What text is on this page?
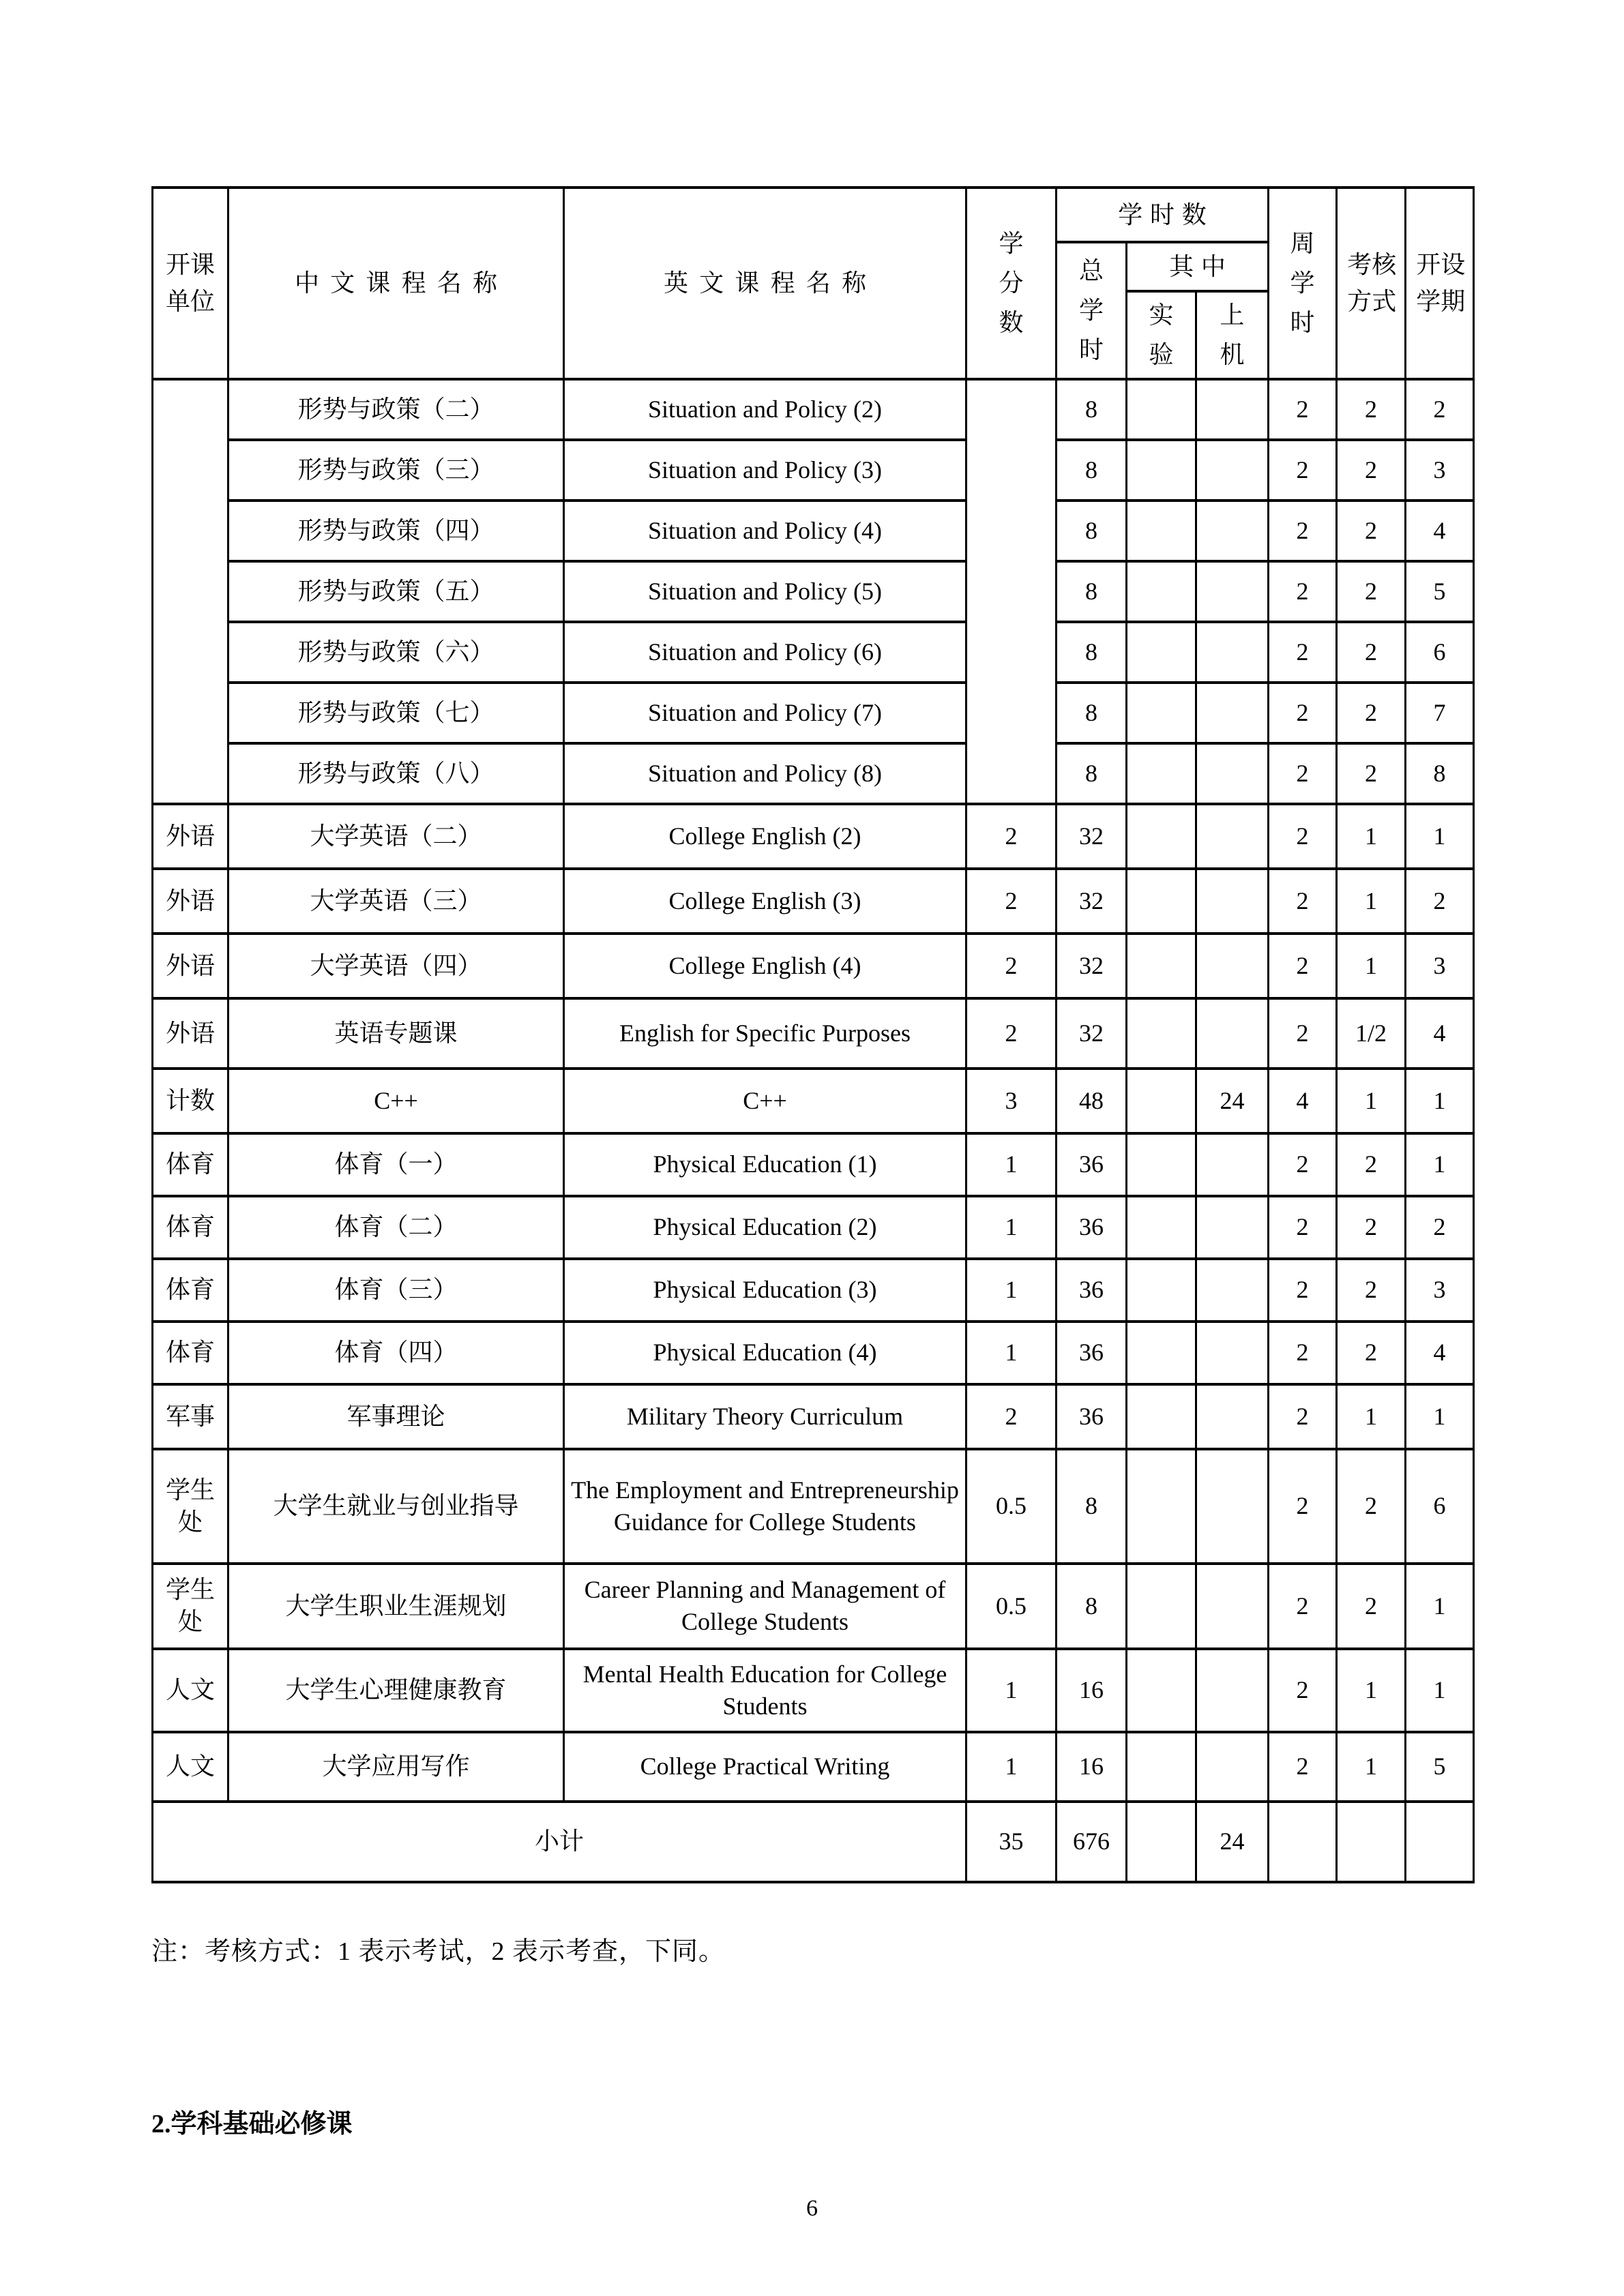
开课单位	中文课程名称	英文课程名称	学分数	学时数			周学时	考核方式	开设学期
				总学时	其中				
					实验	上机			
	形势与政策（二）	Situation and Policy (2)		8			2	2	2
	形势与政策（三）	Situation and Policy (3)		8			2	2	3
	形势与政策（四）	Situation and Policy (4)		8			2	2	4
	形势与政策（五）	Situation and Policy (5)		8			2	2	5
	形势与政策（六）	Situation and Policy (6)		8			2	2	6
	形势与政策（七）	Situation and Policy (7)		8			2	2	7
	形势与政策（八）	Situation and Policy (8)		8			2	2	8
外语	大学英语（二）	College English (2)	2	32			2	1	1
外语	大学英语（三）	College English (3)	2	32			2	1	2
外语	大学英语（四）	College English (4)	2	32			2	1	3
外语	英语专题课	English for Specific Purposes	2	32			2	1/2	4
计数	C++	C++	3	48		24	4	1	1
体育	体育（一）	Physical Education (1)	1	36			2	2	1
体育	体育（二）	Physical Education (2)	1	36			2	2	2
体育	体育（三）	Physical Education (3)	1	36			2	2	3
体育	体育（四）	Physical Education (4)	1	36			2	2	4
军事	军事理论	Military Theory Curriculum	2	36			2	1	1
学生处	大学生就业与创业指导	The Employment and Entrepreneurship Guidance for College Students	0.5	8			2	2	6
学生处	大学生职业生涯规划	Career Planning and Management of College Students	0.5	8			2	2	1
人文	大学生心理健康教育	Mental Health Education for College Students	1	16			2	1	1
人文	大学应用写作	College Practical Writing	1	16			2	1	5
小计			35	676		24			
注：考核方式：1 表示考试，2 表示考查，下同。
2.学科基础必修课
6
